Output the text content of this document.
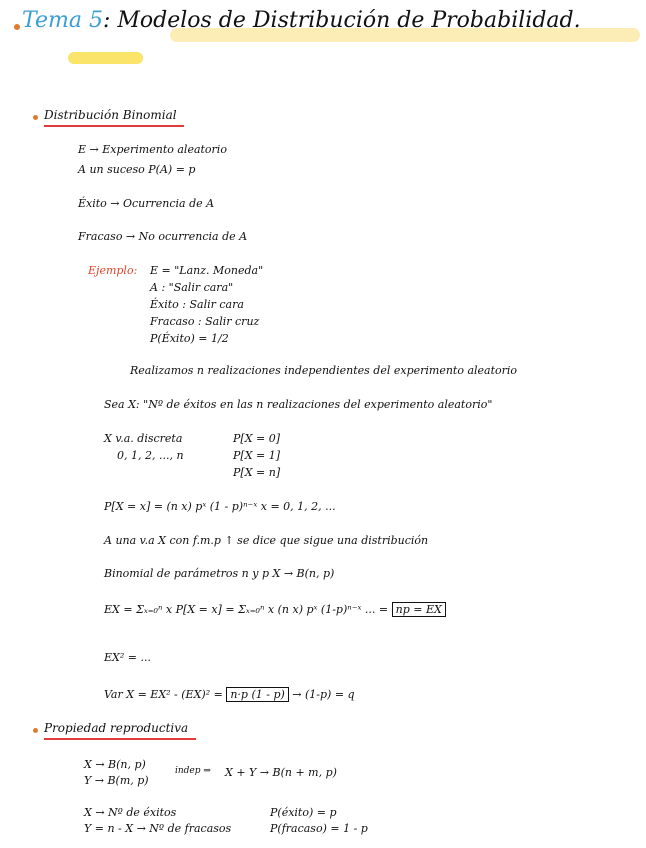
Tema 5: Modelos de Distribución de Probabilidad.
Distribución Binomial
E → Experimento aleatorio
A un suceso P(A) = p
Éxito → Ocurrencia de A
Fracaso → No ocurrencia de A
Ejemplo: E = "Lanz. Moneda"
A : "Salir cara"
Éxito : Salir cara
Fracaso : Salir cruz
P(Éxito) = 1/2
Realizamos n realizaciones independientes del experimento aleatorio
Sea X: "Nº de éxitos en las n realizaciones del experimento aleatorio"
X v.a. discreta
0, 1, 2, ..., n
P[X = 0]
P[X = 1]
P[X = n]
P[X = x] = (n x) pˣ (1 - p)ⁿ⁻ˣ x = 0, 1, 2, ...
A una v.a X con f.m.p ↑ se dice que sigue una distribución
Binomial de parámetros n y p X → B(n, p)
EX = Σₓ₌₀ⁿ x P[X = x] = Σₓ₌₀ⁿ x (n x) pˣ (1-p)ⁿ⁻ˣ ... = np = EX
EX² = ...
Var X = EX² - (EX)² = n·p (1 - p) → (1-p) = q
Propiedad reproductiva
X → B(n, p)
Y → B(m, p)
indep ⇒ X + Y → B(n + m, p)
X → Nº de éxitos	P(éxito) = p
Y = n - X → Nº de fracasos	P(fracaso) = 1 - p
